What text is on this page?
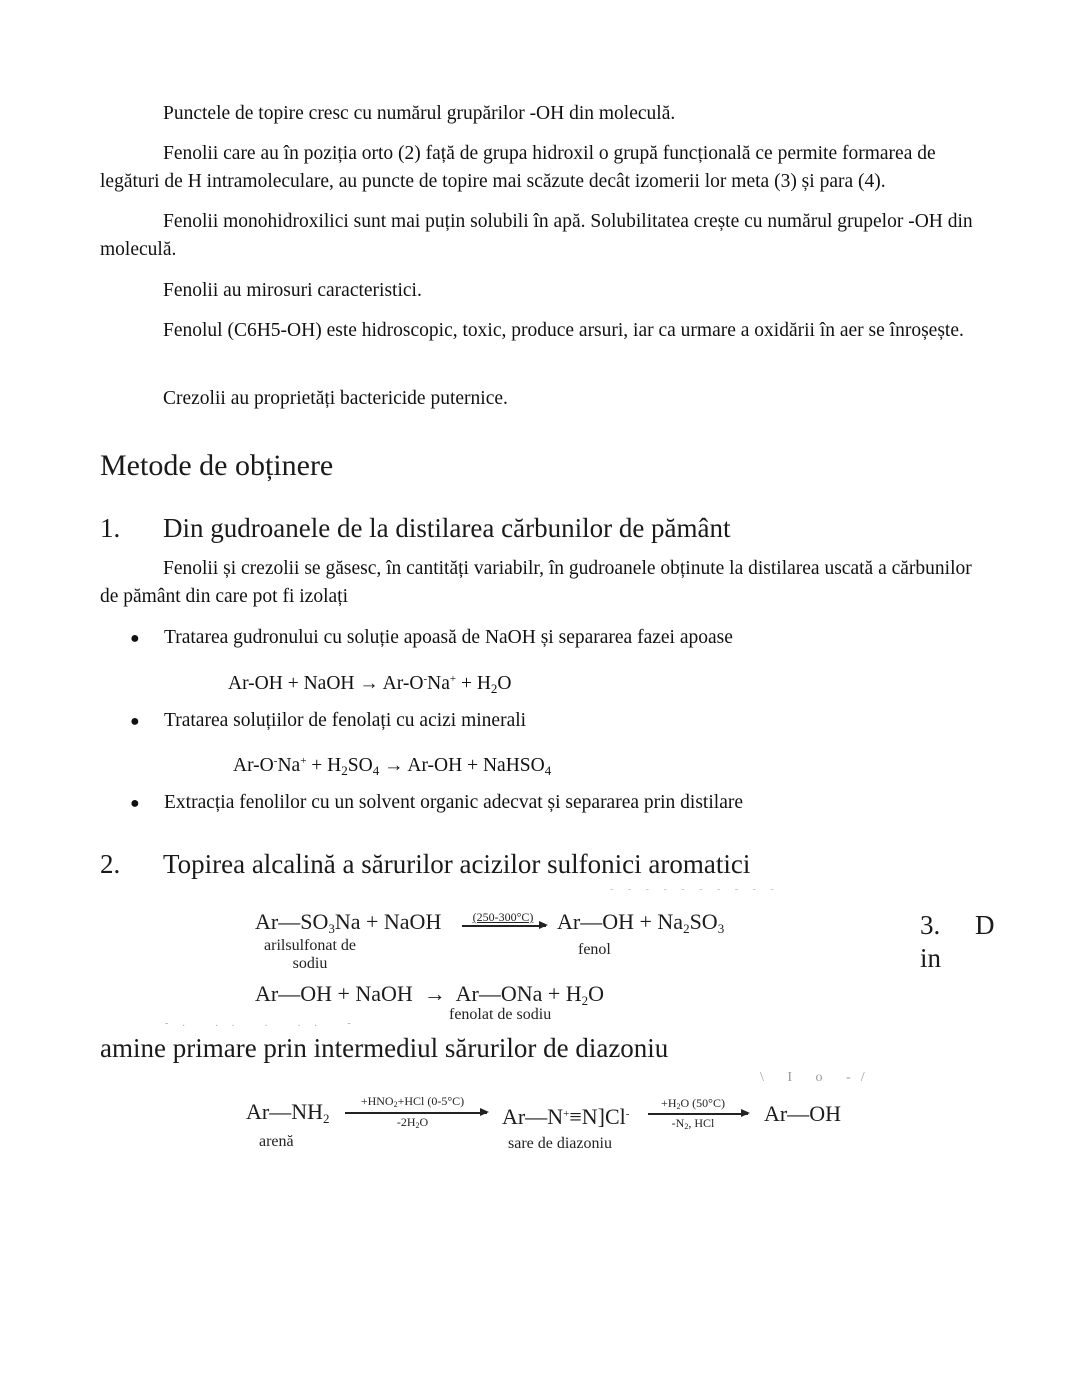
Punctele de topire cresc cu numărul grupărilor -OH din moleculă.
Fenolii care au în poziția orto (2) față de grupa hidroxil o grupă funcțională ce permite formarea de legături de H intramoleculare, au puncte de topire mai scăzute decât izomerii lor meta (3) și para (4).
Fenolii monohidroxilici sunt mai puțin solubili în apă. Solubilitatea crește cu numărul grupelor -OH din moleculă.
Fenolii au mirosuri caracteristici.
Fenolul (C6H5-OH) este hidroscopic, toxic, produce arsuri, iar ca urmare a oxidării în aer se înroșește.
Crezolii au proprietăți bactericide puternice.
Metode de obținere
1. Din gudroanele de la distilarea cărbunilor de pământ
Fenolii și crezolii se găsesc, în cantități variabilr, în gudroanele obținute la distilarea uscată a cărbunilor de pământ din care pot fi izolați
● Tratarea gudronului cu soluție apoasă de NaOH și separarea fazei apoase
Ar-OH + NaOH → $Ar-O^-Na^+ + H_2O$
● Tratarea soluțiilor de fenolați cu acizi minerali
$Ar-O^-Na^+ + H_2SO_4 \to Ar-OH$ + NaHSO$_4$
● Extracția fenolilor cu un solvent organic adecvat și separarea prin distilare
2. Topirea alcalină a sărurilor acizilor sulfonici aromatici
- - - - - - - - - -
-. .. . .. -
\ I o -/
$Ar—SO_3Na$ + NaOH	(250-300°C)	Ar—OH + $Na_2SO_3$
arilsulfonat de
sodiu
fenol
Ar—OH + NaOH  →  Ar—ONa + $H_2O$
fenolat de sodiu
3. D
in
amine primare prin intermediul sărurilor de diazoniu
$Ar—NH_2$
+HNO2+HCl (0-5°C)
-2H2O	Ar—N+≡N]Cl-
+H2O (50°C)
-N2, HCl	Ar—OH
arenă	sare de diazoniu
